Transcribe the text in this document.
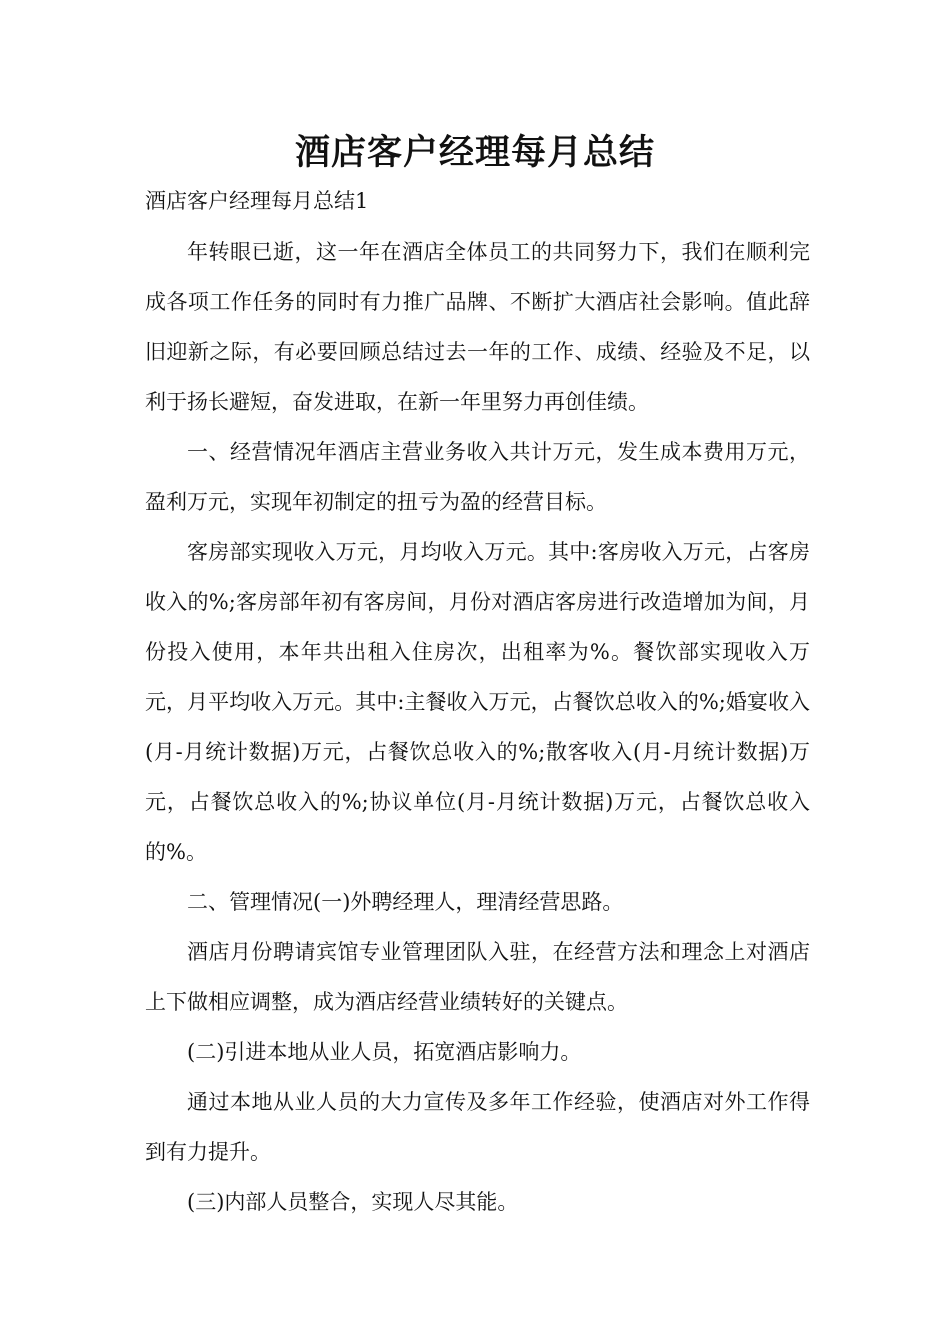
酒店客户经理每月总结

酒店客户经理每月总结1

年转眼已逝，这一年在酒店全体员工的共同努力下，我们在顺利完成各项工作任务的同时有力推广品牌、不断扩大酒店社会影响。值此辞旧迎新之际，有必要回顾总结过去一年的工作、成绩、经验及不足，以利于扬长避短，奋发进取，在新一年里努力再创佳绩。

一、经营情况年酒店主营业务收入共计万元，发生成本费用万元，盈利万元，实现年初制定的扭亏为盈的经营目标。

客房部实现收入万元，月均收入万元。其中:客房收入万元，占客房收入的%;客房部年初有客房间，月份对酒店客房进行改造增加为间，月份投入使用，本年共出租入住房次，出租率为%。餐饮部实现收入万元，月平均收入万元。其中:主餐收入万元，占餐饮总收入的%;婚宴收入(月-月统计数据)万元，占餐饮总收入的%;散客收入(月-月统计数据)万元，占餐饮总收入的%;协议单位(月-月统计数据)万元，占餐饮总收入的%。

二、管理情况(一)外聘经理人，理清经营思路。

酒店月份聘请宾馆专业管理团队入驻，在经营方法和理念上对酒店上下做相应调整，成为酒店经营业绩转好的关键点。

(二)引进本地从业人员，拓宽酒店影响力。

通过本地从业人员的大力宣传及多年工作经验，使酒店对外工作得到有力提升。

(三)内部人员整合，实现人尽其能。
